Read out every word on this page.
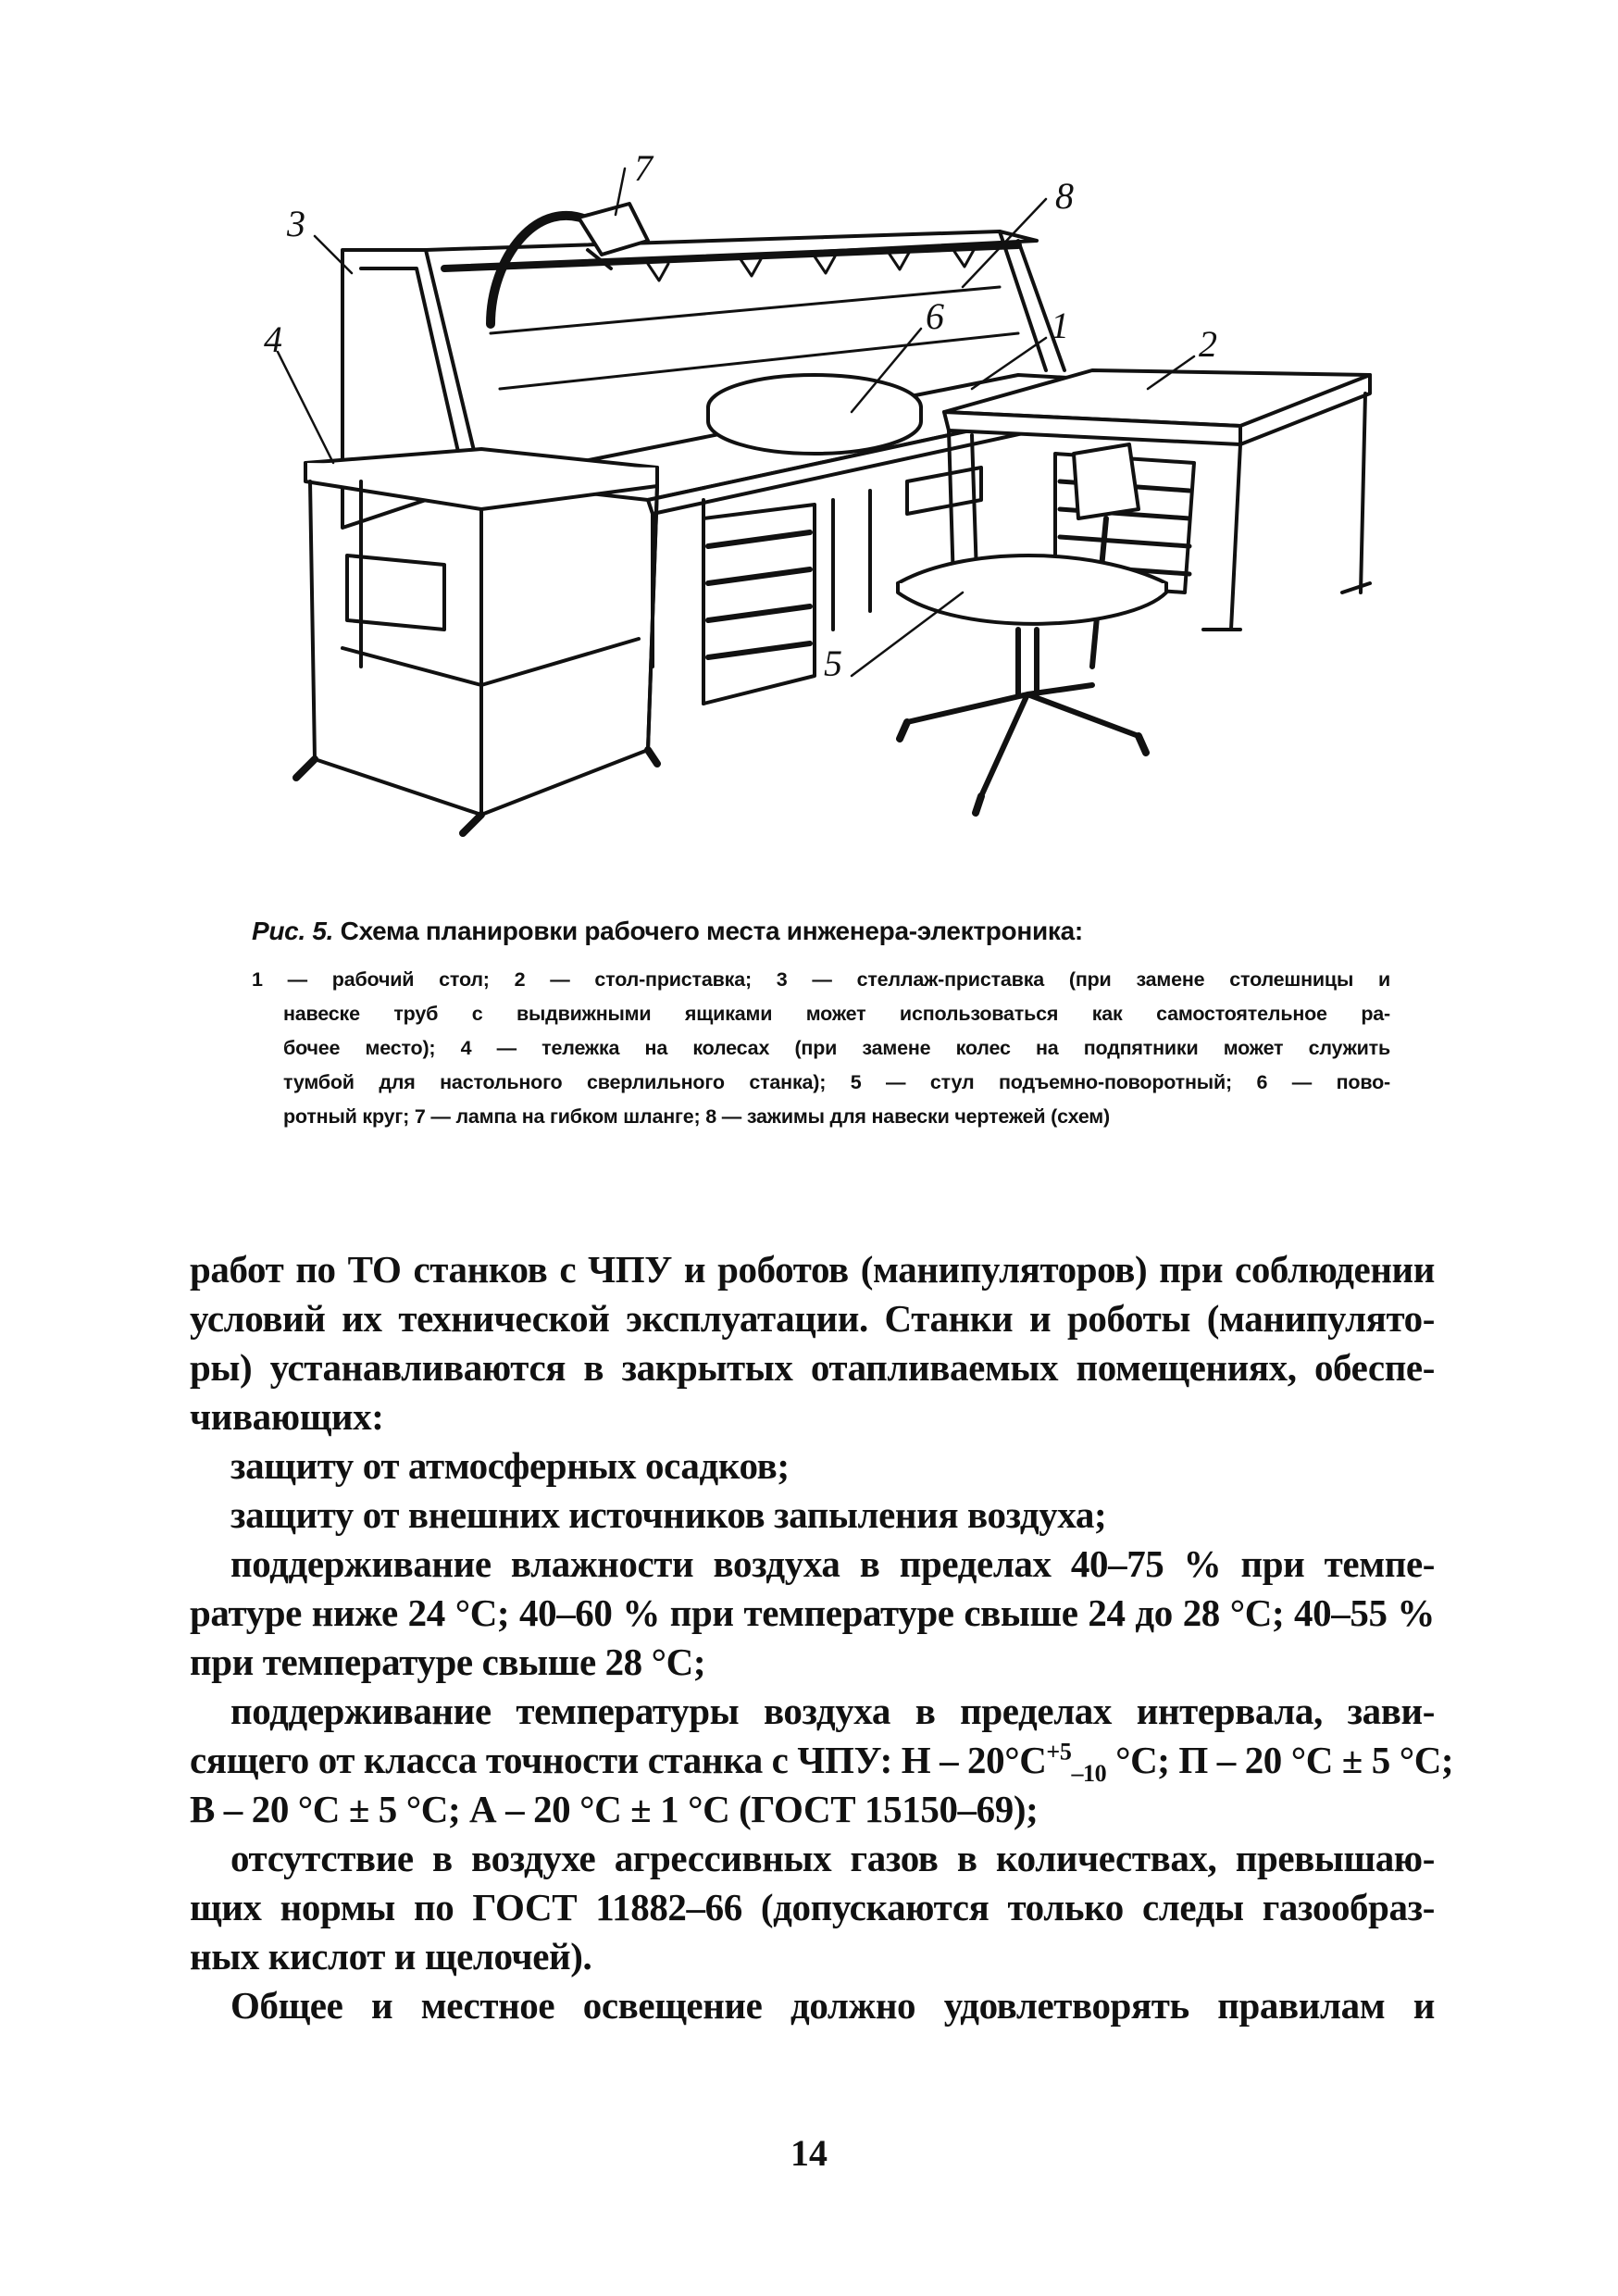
7
8
3
4
6	1	2
5

Рис. 5. Схема планировки рабочего места инженера-электроника:

1 — рабочий стол; 2 — стол-приставка; 3 — стеллаж-приставка (при замене столешницы и
навеске труб с выдвижными ящиками может использоваться как самостоятельное ра-
бочее место); 4 — тележка на колесах (при замене колес на подпятники может служить
тумбой для настольного сверлильного станка); 5 — стул подъемно-поворотный; 6 — пово-
ротный круг; 7 — лампа на гибком шланге; 8 — зажимы для навески чертежей (схем)

работ по ТО станков с ЧПУ и роботов (манипуляторов) при соблюдении
условий их технической эксплуатации. Станки и роботы (манипулято-
ры) устанавливаются в закрытых отапливаемых помещениях, обеспе-
чивающих:
защиту от атмосферных осадков;
защиту от внешних источников запыления воздуха;
поддерживание влажности воздуха в пределах 40–75 % при темпе-
ратуре ниже 24 °С; 40–60 % при температуре свыше 24 до 28 °С; 40–55 %
при температуре свыше 28 °С;
поддерживание температуры воздуха в пределах интервала, зави-
сящего от класса точности станка с ЧПУ: Н – $20^\circ С^{+5}_{-10}$ °С; П – 20 °С ± 5 °С;
В – 20 °С ± 5 °С; А – 20 °С ± 1 °С (ГОСТ 15150–69);
отсутствие в воздухе агрессивных газов в количествах, превышаю-
щих нормы по ГОСТ 11882–66 (допускаются только следы газообраз-
ных кислот и щелочей).
Общее и местное освещение должно удовлетворять правилам и
14
